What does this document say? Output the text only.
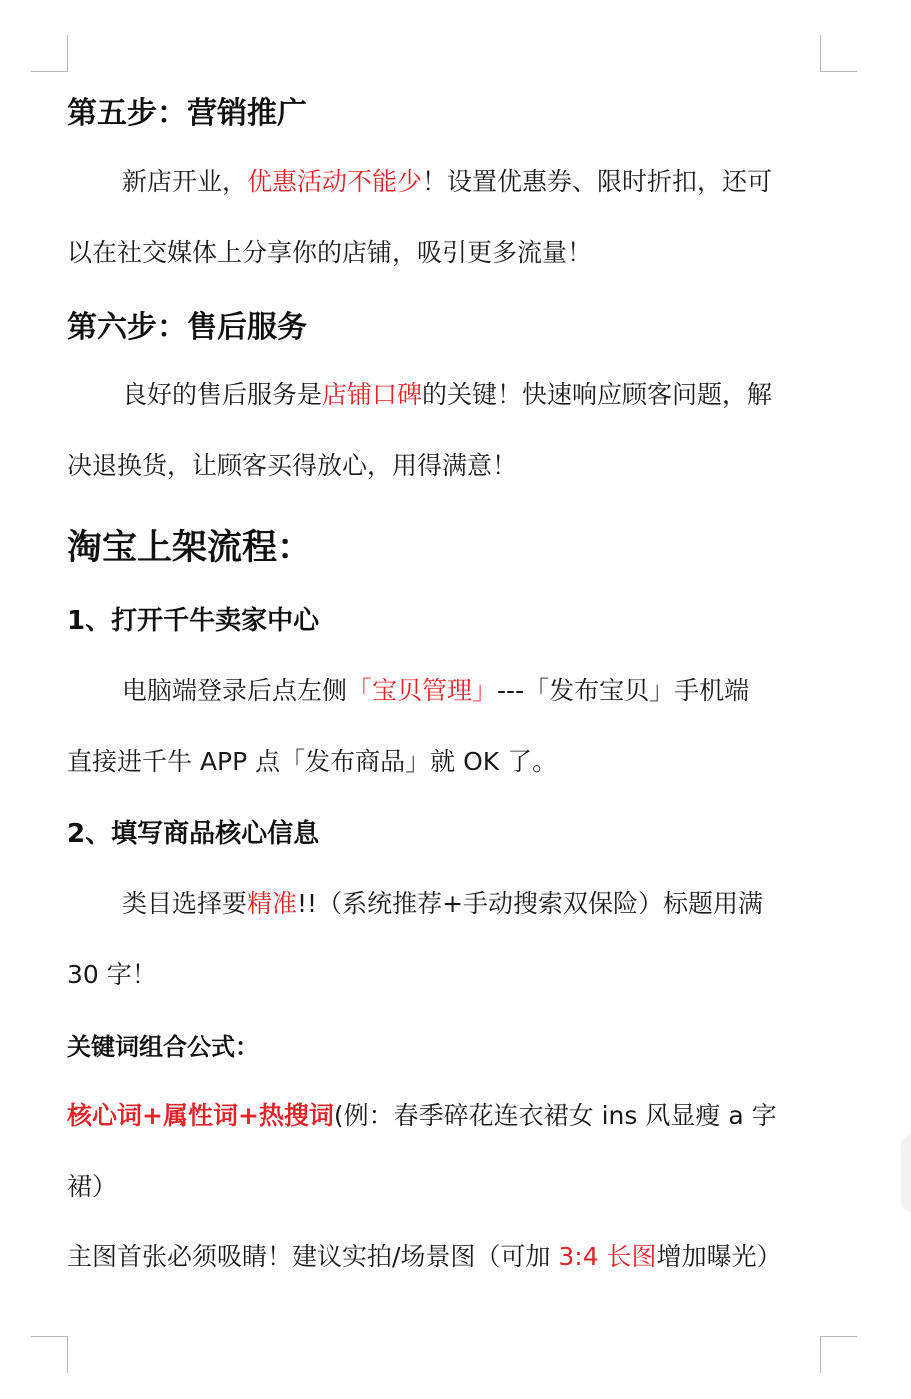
第五步：营销推广
新店开业，优惠活动不能少！设置优惠券、限时折扣，还可
以在社交媒体上分享你的店铺，吸引更多流量！
第六步：售后服务
良好的售后服务是店铺口碑的关键！快速响应顾客问题，解
决退换货，让顾客买得放心，用得满意！
淘宝上架流程：
1、打开千牛卖家中心
电脑端登录后点左侧「宝贝管理」---「发布宝贝」手机端
直接进千牛 APP 点「发布商品」就 OK 了。
2、填写商品核心信息
类目选择要精准!!（系统推荐+手动搜索双保险）标题用满
30 字！
关键词组合公式：
核心词+属性词+热搜词(例：春季碎花连衣裙女 ins 风显瘦 a 字
裙）
主图首张必须吸睛！建议实拍/场景图（可加 3:4 长图增加曝光）
